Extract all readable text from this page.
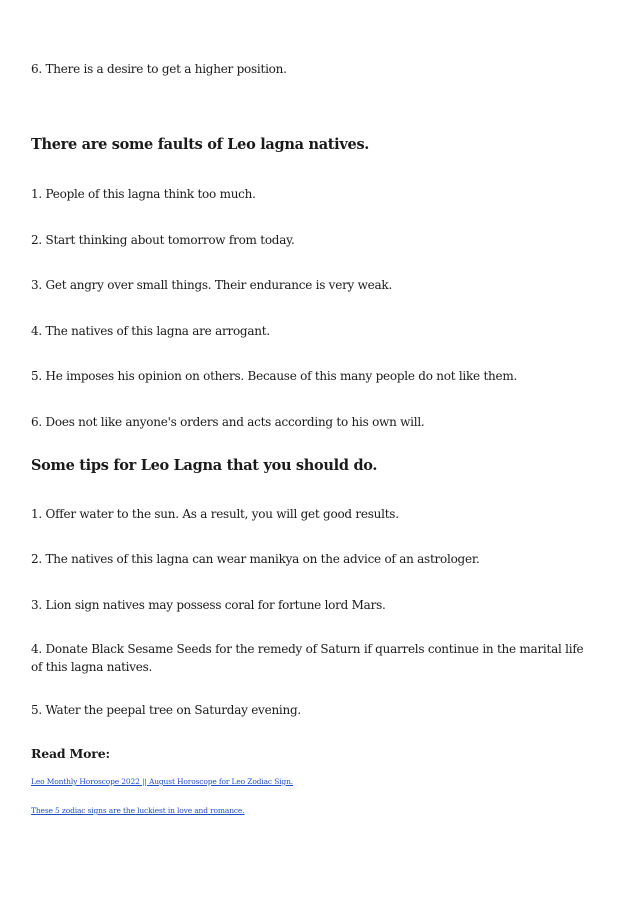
6. There is a desire to get a higher position.

There are some faults of Leo lagna natives.

1. People of this lagna think too much.

2. Start thinking about tomorrow from today.

3. Get angry over small things. Their endurance is very weak.

4. The natives of this lagna are arrogant.

5. He imposes his opinion on others. Because of this many people do not like them.

6. Does not like anyone's orders and acts according to his own will.

Some tips for Leo Lagna that you should do.

1. Offer water to the sun. As a result, you will get good results.

2. The natives of this lagna can wear manikya on the advice of an astrologer.

3. Lion sign natives may possess coral for fortune lord Mars.

4. Donate Black Sesame Seeds for the remedy of Saturn if quarrels continue in the marital life of this lagna natives.

5. Water the peepal tree on Saturday evening.

Read More:

Leo Monthly Horoscope 2022 || August Horoscope for Leo Zodiac Sign.
These 5 zodiac signs are the luckiest in love and romance.
